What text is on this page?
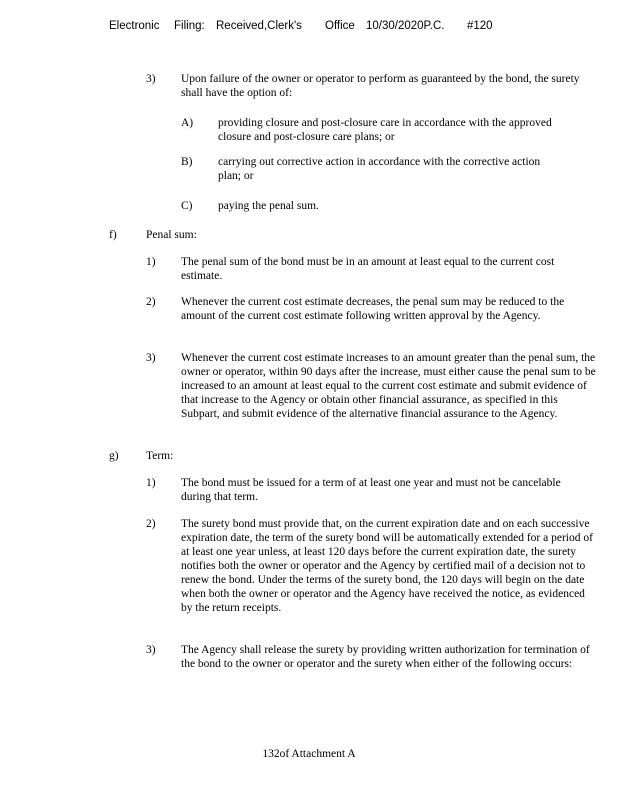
Electronic

Filing:

Received,Clerk's

Office

10/30/2020P.C.

#120

3) Upon failure of the owner or operator to perform as guaranteed by the bond, the surety shall have the option of:
A) providing closure and post-closure care in accordance with the approved closure and post-closure care plans; or
B) carrying out corrective action in accordance with the corrective action plan; or
C) paying the penal sum.
f)	Penal sum:
1) The penal sum of the bond must be in an amount at least equal to the current cost estimate.
2) Whenever the current cost estimate decreases, the penal sum may be reduced to the amount of the current cost estimate following written approval by the Agency.
3) Whenever the current cost estimate increases to an amount greater than the penal sum, the owner or operator, within 90 days after the increase, must either cause the penal sum to be increased to an amount at least equal to the current cost estimate and submit evidence of that increase to the Agency or obtain other financial assurance, as specified in this Subpart, and submit evidence of the alternative financial assurance to the Agency.
g) Term:
1) The bond must be issued for a term of at least one year and must not be cancelable during that term.
2) The surety bond must provide that, on the current expiration date and on each successive expiration date, the term of the surety bond will be automatically extended for a period of at least one year unless, at least 120 days before the current expiration date, the surety notifies both the owner or operator and the Agency by certified mail of a decision not to renew the bond. Under the terms of the surety bond, the 120 days will begin on the date when both the owner or operator and the Agency have received the notice, as evidenced by the return receipts.
3) The Agency shall release the surety by providing written authorization for termination of the bond to the owner or operator and the surety when either of the following occurs:
132of Attachment A
